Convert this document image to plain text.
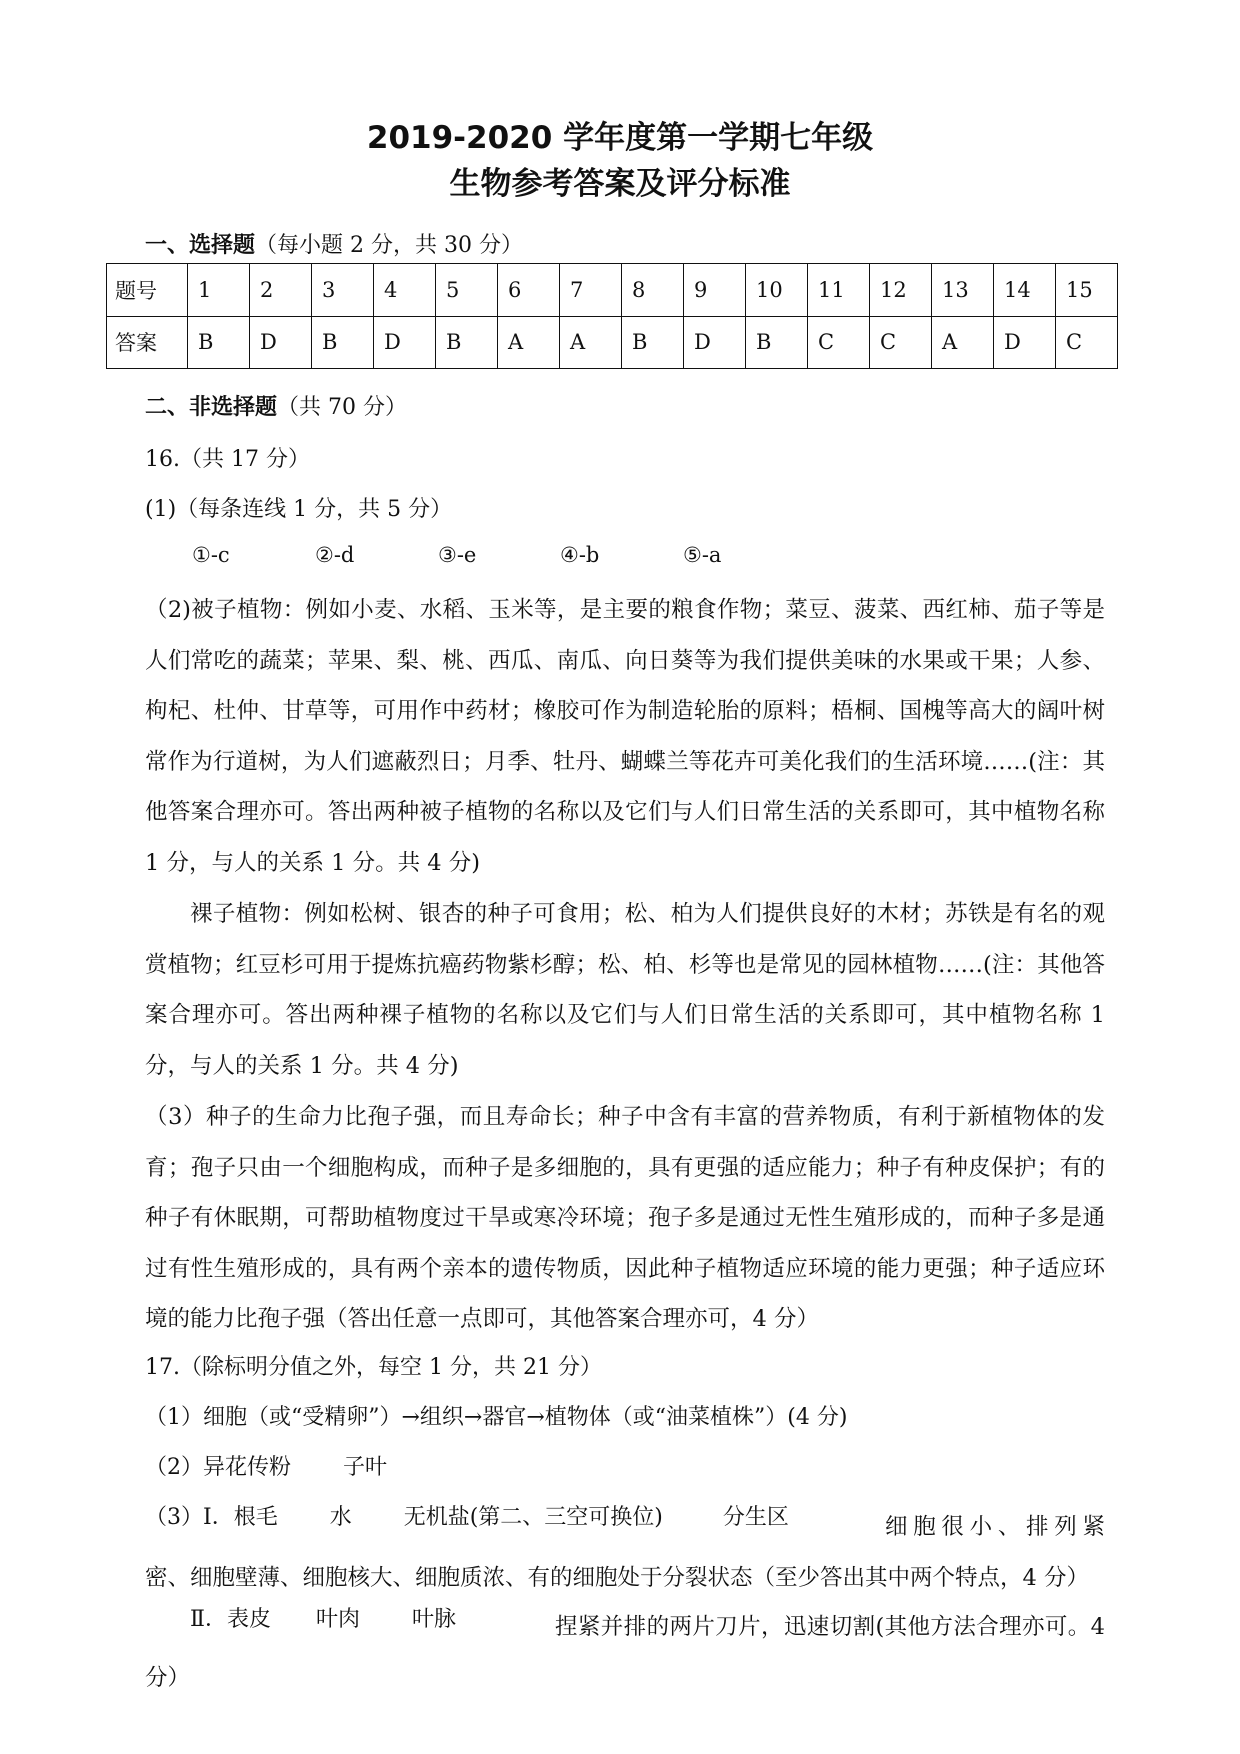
2019-2020 学年度第一学期七年级
生物参考答案及评分标准
一、选择题（每小题 2 分，共 30 分）
题号	1	2	3	4	5	6	7	8	9	10	11	12	13	14	15
答案	B	D	B	D	B	A	A	B	D	B	C	C	A	D	C
二、非选择题（共 70 分）
16.（共 17 分）
(1)（每条连线 1 分，共 5 分）
①-c	②-d	③-e	④-b	⑤-a
（2)被子植物：例如小麦、水稻、玉米等，是主要的粮食作物；菜豆、菠菜、西红柿、茄子等是人们常吃的蔬菜；苹果、梨、桃、西瓜、南瓜、向日葵等为我们提供美味的水果或干果；人参、枸杞、杜仲、甘草等，可用作中药材；橡胶可作为制造轮胎的原料；梧桐、国槐等高大的阔叶树常作为行道树，为人们遮蔽烈日；月季、牡丹、蝴蝶兰等花卉可美化我们的生活环境……(注：其他答案合理亦可。答出两种被子植物的名称以及它们与人们日常生活的关系即可，其中植物名称 1 分，与人的关系 1 分。共 4 分)
裸子植物：例如松树、银杏的种子可食用；松、柏为人们提供良好的木材；苏铁是有名的观赏植物；红豆杉可用于提炼抗癌药物紫杉醇；松、柏、杉等也是常见的园林植物……(注：其他答案合理亦可。答出两种裸子植物的名称以及它们与人们日常生活的关系即可，其中植物名称 1 分，与人的关系 1 分。共 4 分)
（3）种子的生命力比孢子强，而且寿命长；种子中含有丰富的营养物质，有利于新植物体的发育；孢子只由一个细胞构成，而种子是多细胞的，具有更强的适应能力；种子有种皮保护；有的种子有休眠期，可帮助植物度过干旱或寒冷环境；孢子多是通过无性生殖形成的，而种子多是通过有性生殖形成的，具有两个亲本的遗传物质，因此种子植物适应环境的能力更强；种子适应环境的能力比孢子强（答出任意一点即可，其他答案合理亦可，4 分）
17.（除标明分值之外，每空 1 分，共 21 分）
（1）细胞（或“受精卵”）→组织→器官→植物体（或“油菜植株”）(4 分)
（2）异花传粉 子叶
（3）Ⅰ．根毛 水 无机盐(第二、三空可换位)	分生区	细胞很小、排列紧密、细胞壁薄、细胞核大、细胞质浓、有的细胞处于分裂状态（至少答出其中两个特点，4 分）
Ⅱ．表皮 叶肉 叶脉	捏紧并排的两片刀片，迅速切割(其他方法合理亦可。4 分）
